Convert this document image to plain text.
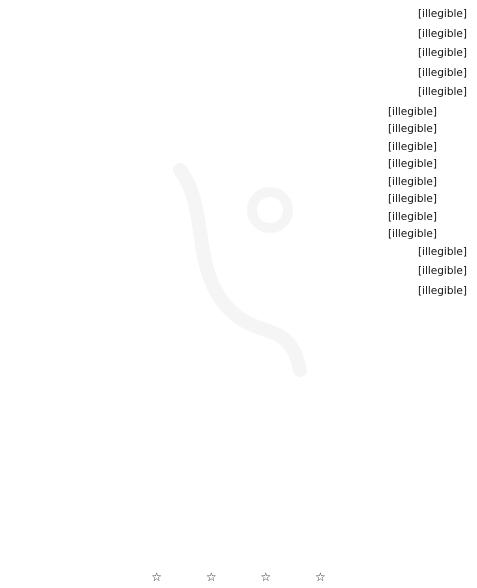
[illegible]

[illegible]

[illegible]

[illegible]

[illegible]

[illegible]

[illegible]

[illegible]

[illegible]

[illegible]

[illegible]

[illegible]

[illegible]

[illegible]

[illegible]

[illegible]

☆	☆	☆	☆
